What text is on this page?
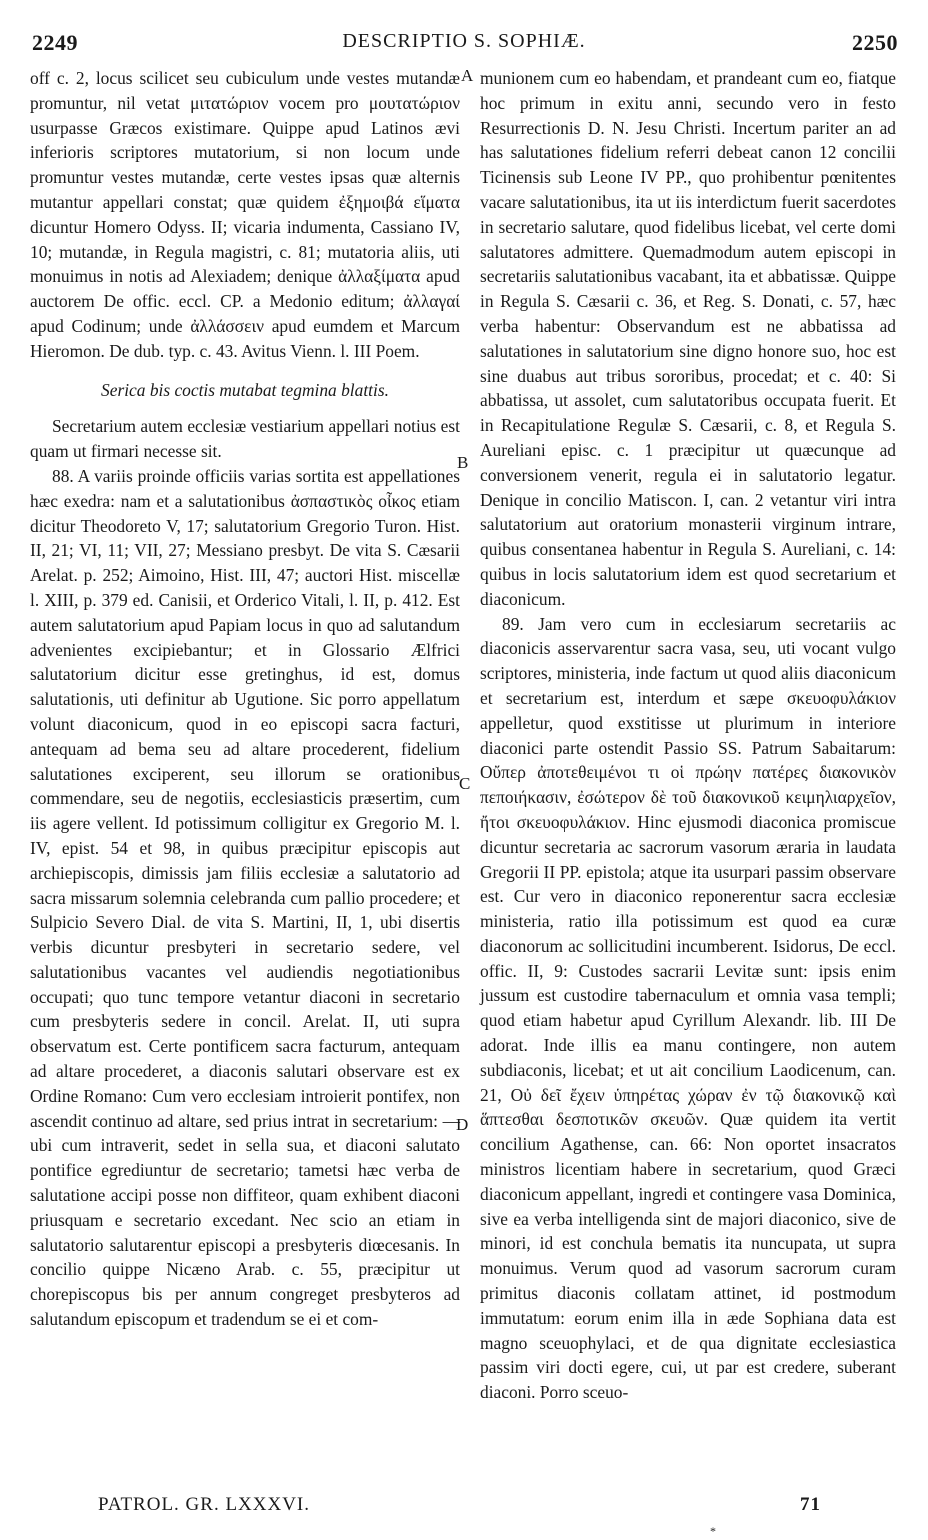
2249	DESCRIPTIO S. SOPHIÆ.	2250

off c. 2, locus scilicet seu cubiculum unde vestes mutandæ promuntur, nil vetat μιτατώριον vocem pro μουτατώριον usurpasse Græcos existimare. Quippe apud Latinos ævi inferioris scriptores mutatorium, si non locum unde promuntur vestes mutandæ, certe vestes ipsas quæ alternis mutantur appellari constat; quæ quidem ἐξημοιβά εἵματα dicuntur Homero Odyss. II; vicaria indumenta, Cassiano IV, 10; mutandæ, in Regula magistri, c. 81; mutatoria aliis, uti monuimus in notis ad Alexiadem; denique ἀλλαξίματα apud auctorem De offic. eccl. CP. a Medonio editum; ἀλλαγαί apud Codinum; unde ἀλλάσσειν apud eumdem et Marcum Hieromon. De dub. typ. c. 43. Avitus Vienn. l. III Poem.

Serica bis coctis mutabat tegmina blattis.

Secretarium autem ecclesiæ vestiarium appellari notius est quam ut firmari necesse sit.

88. A variis proinde officiis varias sortita est appellationes hæc exedra: nam et a salutationibus ἀσπαστικὸς οἶκος etiam dicitur Theodoreto V, 17; salutatorium Gregorio Turon. Hist. II, 21; VI, 11; VII, 27; Messiano presbyt. De vita S. Cæsarii Arelat. p. 252; Aimoino, Hist. III, 47; auctori Hist. miscellæ l. XIII, p. 379 ed. Canisii, et Orderico Vitali, l. II, p. 412. Est autem salutatorium apud Papiam locus in quo ad salutandum advenientes excipiebantur; et in Glossario Ælfrici salutatorium dicitur esse gretinghus, id est, domus salutationis, uti definitur ab Ugutione. Sic porro appellatum volunt diaconicum, quod in eo episcopi sacra facturi, antequam ad bema seu ad altare procederent, fidelium salutationes exciperent, seu illorum se orationibus commendare, seu de negotiis, ecclesiasticis præsertim, cum iis agere vellent. Id potissimum colligitur ex Gregorio M. l. IV, epist. 54 et 98, in quibus præcipitur episcopis aut archiepiscopis, dimissis jam filiis ecclesiæ a salutatorio ad sacra missarum solemnia celebranda cum pallio procedere; et Sulpicio Severo Dial. de vita S. Martini, II, 1, ubi disertis verbis dicuntur presbyteri in secretario sedere, vel salutationibus vacantes vel audiendis negotiationibus occupati; quo tunc tempore vetantur diaconi in secretario cum presbyteris sedere in concil. Arelat. II, uti supra observatum est. Certe pontificem sacra facturum, antequam ad altare procederet, a diaconis salutari observare est ex Ordine Romano: Cum vero ecclesiam introierit pontifex, non ascendit continuo ad altare, sed prius intrat in secretarium: — ubi cum intraverit, sedet in sella sua, et diaconi salutato pontifice egrediuntur de secretario; tametsi hæc verba de salutatione accipi posse non diffiteor, quam exhibent diaconi priusquam e secretario excedant. Nec scio an etiam in salutatorio salutarentur episcopi a presbyteris diœcesanis. In concilio quippe Nicæno Arab. c. 55, præcipitur ut chorepiscopus bis per annum congreget presbyteros ad salutandum episcopum et tradendum se ei et com-

A
B
C
D

munionem cum eo habendam, et prandeant cum eo, fiatque hoc primum in exitu anni, secundo vero in festo Resurrectionis D. N. Jesu Christi. Incertum pariter an ad has salutationes fidelium referri debeat canon 12 concilii Ticinensis sub Leone IV PP., quo prohibentur pœnitentes vacare salutationibus, ita ut iis interdictum fuerit sacerdotes in secretario salutare, quod fidelibus licebat, vel certe domi salutatores admittere. Quemadmodum autem episcopi in secretariis salutationibus vacabant, ita et abbatissæ. Quippe in Regula S. Cæsarii c. 36, et Reg. S. Donati, c. 57, hæc verba habentur: Observandum est ne abbatissa ad salutationes in salutatorium sine digno honore suo, hoc est sine duabus aut tribus sororibus, procedat; et c. 40: Si abbatissa, ut assolet, cum salutatoribus occupata fuerit. Et in Recapitulatione Regulæ S. Cæsarii, c. 8, et Regula S. Aureliani episc. c. 1 præcipitur ut quæcunque ad conversionem venerit, regula ei in salutatorio legatur. Denique in concilio Matiscon. I, can. 2 vetantur viri intra salutatorium aut oratorium monasterii virginum intrare, quibus consentanea habentur in Regula S. Aureliani, c. 14: quibus in locis salutatorium idem est quod secretarium et diaconicum.

89. Jam vero cum in ecclesiarum secretariis ac diaconicis asservarentur sacra vasa, seu, uti vocant vulgo scriptores, ministeria, inde factum ut quod aliis diaconicum et secretarium est, interdum et sæpe σκευοφυλάκιον appelletur, quod exstitisse ut plurimum in interiore diaconici parte ostendit Passio SS. Patrum Sabaitarum: Οὔπερ ἀποτεθειμένοι τι οἱ πρώην πατέρες διακονικὸν πεποιήκασιν, ἐσώτερον δὲ τοῦ διακονικοῦ κειμηλιαρχεῖον, ἤτοι σκευοφυλάκιον. Hinc ejusmodi diaconica promiscue dicuntur secretaria ac sacrorum vasorum æraria in laudata Gregorii II PP. epistola; atque ita usurpari passim observare est. Cur vero in diaconico reponerentur sacra ecclesiæ ministeria, ratio illa potissimum est quod ea curæ diaconorum ac sollicitudini incumberent. Isidorus, De eccl. offic. II, 9: Custodes sacrarii Levitæ sunt: ipsis enim jussum est custodire tabernaculum et omnia vasa templi; quod etiam habetur apud Cyrillum Alexandr. lib. III De adorat. Inde illis ea manu contingere, non autem subdiaconis, licebat; et ut ait concilium Laodicenum, can. 21, Οὐ δεῖ ἔχειν ὑπηρέτας χώραν ἐν τῷ διακονικῷ καὶ ἅπτεσθαι δεσποτικῶν σκευῶν. Quæ quidem ita vertit concilium Agathense, can. 66: Non oportet insacratos ministros licentiam habere in secretarium, quod Græci diaconicum appellant, ingredi et contingere vasa Dominica, sive ea verba intelligenda sint de majori diaconico, sive de minori, id est conchula bematis ita nuncupata, ut supra monuimus. Verum quod ad vasorum sacrorum curam primitus diaconis collatam attinet, id postmodum immutatum: eorum enim illa in æde Sophiana data est magno sceuophylaci, et de qua dignitate ecclesiastica passim viri docti egere, cui, ut par est credere, suberant diaconi. Porro sceuo-

PATROL. GR. LXXXVI.	71
*
